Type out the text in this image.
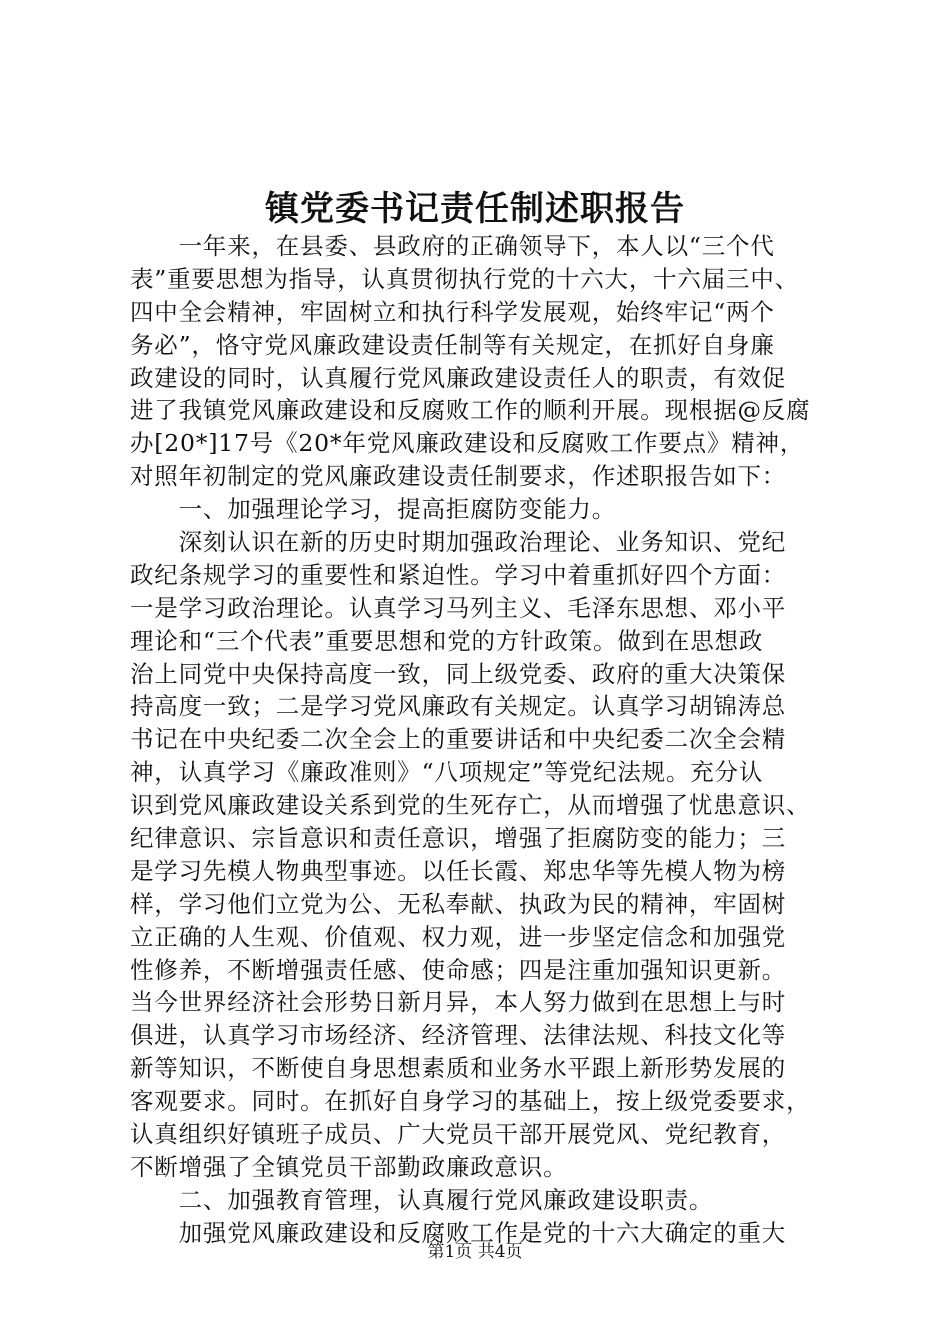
镇党委书记责任制述职报告
　　一年来，在县委、县政府的正确领导下，本人以“三个代
表”重要思想为指导，认真贯彻执行党的十六大，十六届三中、
四中全会精神，牢固树立和执行科学发展观，始终牢记“两个
务必”，恪守党风廉政建设责任制等有关规定，在抓好自身廉
政建设的同时，认真履行党风廉政建设责任人的职责，有效促
进了我镇党风廉政建设和反腐败工作的顺利开展。现根据@反腐
办[20*]17号《20*年党风廉政建设和反腐败工作要点》精神，
对照年初制定的党风廉政建设责任制要求，作述职报告如下：
　　一、加强理论学习，提高拒腐防变能力。
　　深刻认识在新的历史时期加强政治理论、业务知识、党纪
政纪条规学习的重要性和紧迫性。学习中着重抓好四个方面：
一是学习政治理论。认真学习马列主义、毛泽东思想、邓小平
理论和“三个代表”重要思想和党的方针政策。做到在思想政
治上同党中央保持高度一致，同上级党委、政府的重大决策保
持高度一致；二是学习党风廉政有关规定。认真学习胡锦涛总
书记在中央纪委二次全会上的重要讲话和中央纪委二次全会精
神，认真学习《廉政准则》“八项规定”等党纪法规。充分认
识到党风廉政建设关系到党的生死存亡，从而增强了忧患意识、
纪律意识、宗旨意识和责任意识，增强了拒腐防变的能力；三
是学习先模人物典型事迹。以任长霞、郑忠华等先模人物为榜
样，学习他们立党为公、无私奉献、执政为民的精神，牢固树
立正确的人生观、价值观、权力观，进一步坚定信念和加强党
性修养，不断增强责任感、使命感；四是注重加强知识更新。
当今世界经济社会形势日新月异，本人努力做到在思想上与时
俱进，认真学习市场经济、经济管理、法律法规、科技文化等
新等知识，不断使自身思想素质和业务水平跟上新形势发展的
客观要求。同时。在抓好自身学习的基础上，按上级党委要求，
认真组织好镇班子成员、广大党员干部开展党风、党纪教育，
不断增强了全镇党员干部勤政廉政意识。
　　二、加强教育管理，认真履行党风廉政建设职责。
　　加强党风廉政建设和反腐败工作是党的十六大确定的重大
第1页 共4页
